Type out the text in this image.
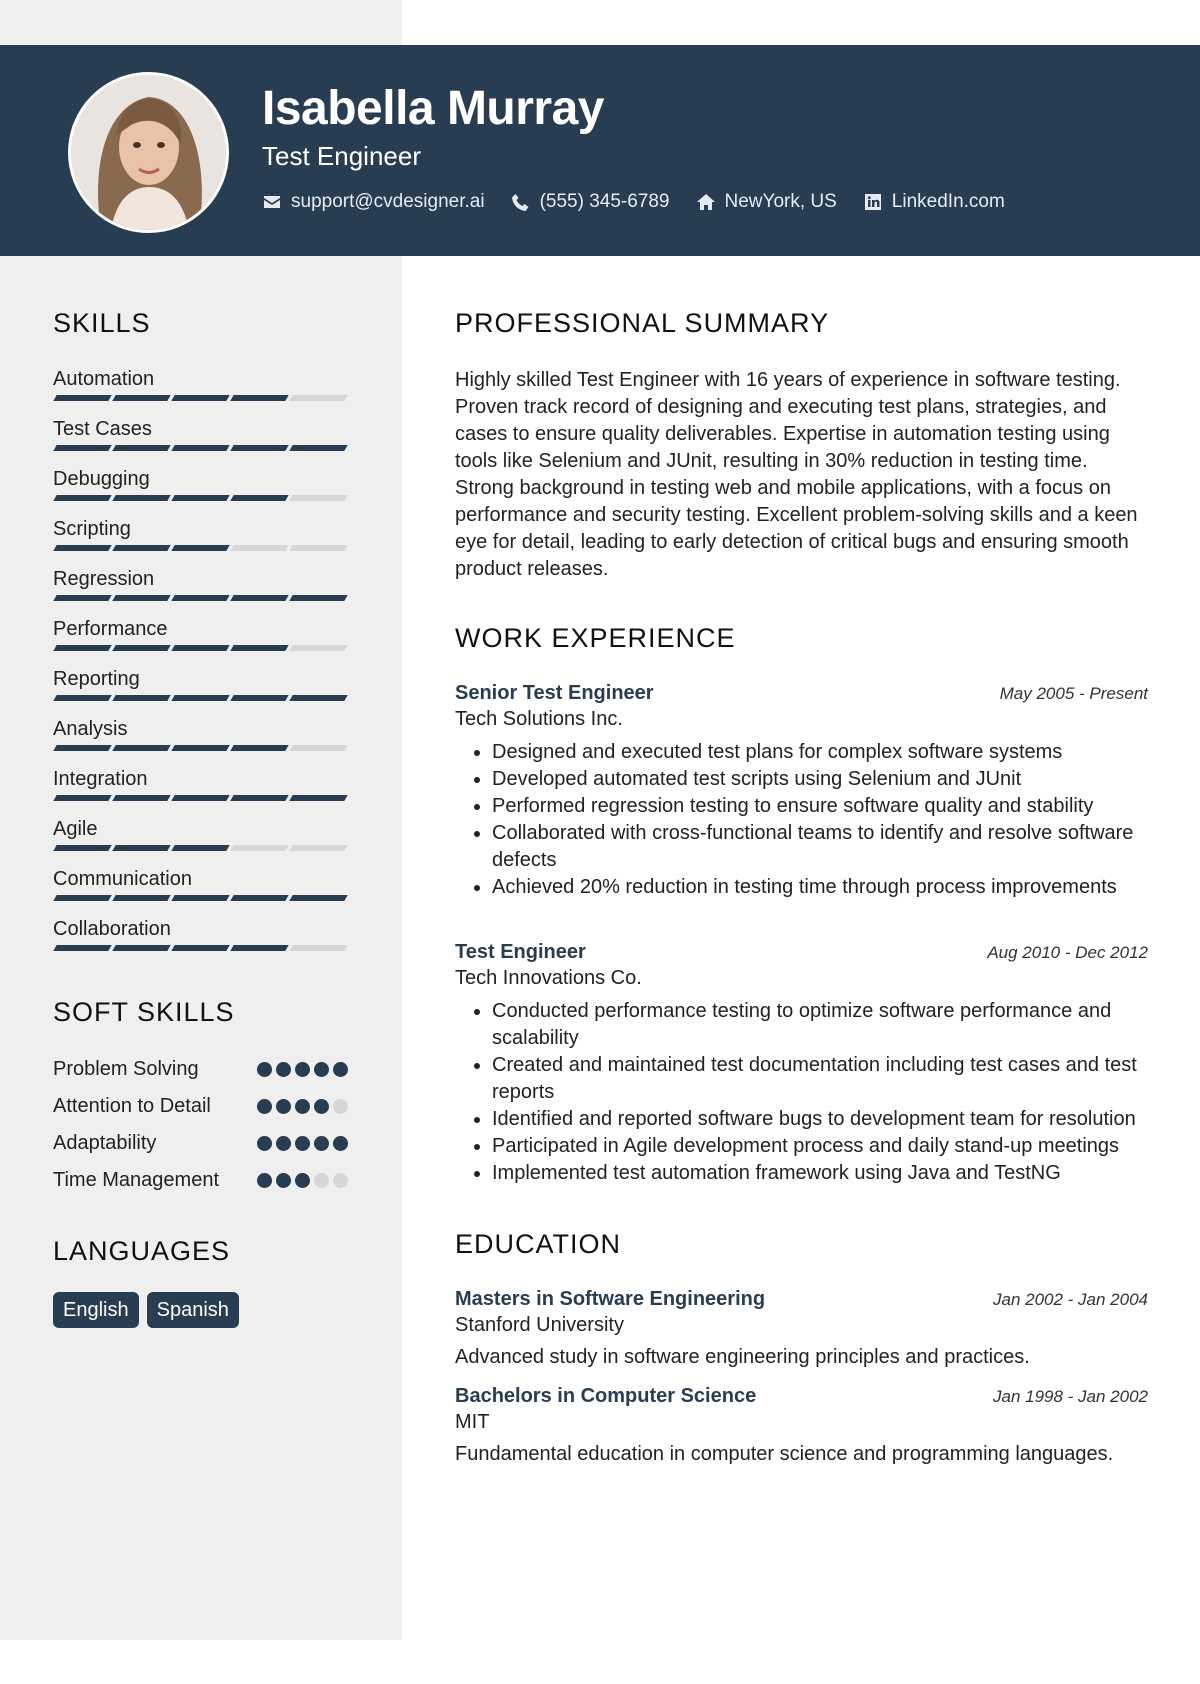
Isabella Murray
Test Engineer
support@cvdesigner.ai	(555) 345-6789	NewYork, US	LinkedIn.com
SKILLS
Automation
Test Cases
Debugging
Scripting
Regression
Performance
Reporting
Analysis
Integration
Agile
Communication
Collaboration
SOFT SKILLS
Problem Solving
Attention to Detail
Adaptability
Time Management
LANGUAGES
English	Spanish
PROFESSIONAL SUMMARY

Highly skilled Test Engineer with 16 years of experience in software testing. Proven track record of designing and executing test plans, strategies, and cases to ensure quality deliverables. Expertise in automation testing using tools like Selenium and JUnit, resulting in 30% reduction in testing time. Strong background in testing web and mobile applications, with a focus on performance and security testing. Excellent problem-solving skills and a keen eye for detail, leading to early detection of critical bugs and ensuring smooth product releases.

WORK EXPERIENCE
Senior Test Engineer	May 2005 - Present
Tech Solutions Inc.
• Designed and executed test plans for complex software systems
• Developed automated test scripts using Selenium and JUnit
• Performed regression testing to ensure software quality and stability
• Collaborated with cross-functional teams to identify and resolve software defects
• Achieved 20% reduction in testing time through process improvements
Test Engineer	Aug 2010 - Dec 2012
Tech Innovations Co.
• Conducted performance testing to optimize software performance and scalability
• Created and maintained test documentation including test cases and test reports
• Identified and reported software bugs to development team for resolution
• Participated in Agile development process and daily stand-up meetings
• Implemented test automation framework using Java and TestNG
EDUCATION
Masters in Software Engineering	Jan 2002 - Jan 2004
Stanford University
Advanced study in software engineering principles and practices.
Bachelors in Computer Science	Jan 1998 - Jan 2002
MIT
Fundamental education in computer science and programming languages.
